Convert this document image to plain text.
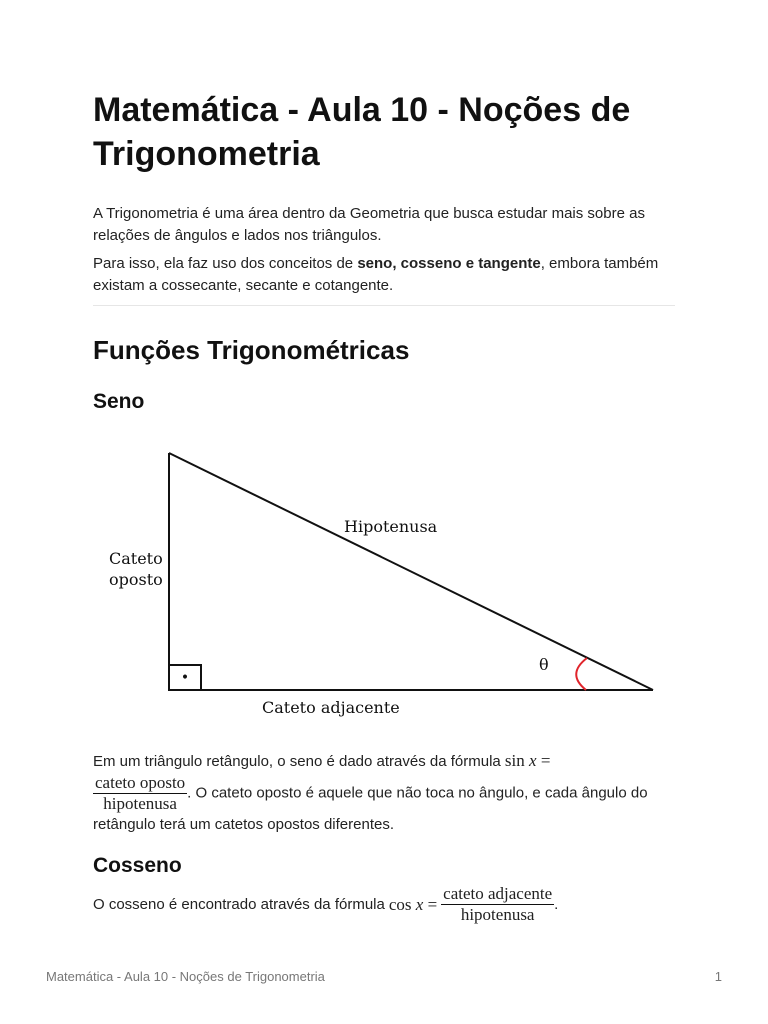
Matemática - Aula 10 - Noções de Trigonometria

A Trigonometria é uma área dentro da Geometria que busca estudar mais sobre as relações de ângulos e lados nos triângulos.

Para isso, ela faz uso dos conceitos de seno, cosseno e tangente, embora também existam a cossecante, secante e cotangente.

Funções Trigonométricas
Seno
•
θ
Hipotenusa
Cateto
oposto
Cateto adjacente
Em um triângulo retângulo, o seno é dado através da fórmula sin x =
$\frac{\text{cateto oposto}}{\text{hipotenusa}}$ . O cateto oposto é aquele que não toca no ângulo, e cada ângulo do retângulo terá um catetos opostos diferentes.
Cosseno
O cosseno é encontrado através da fórmula $\cos x = \frac{\text{cateto adjacente}}{\text{hipotenusa}}$ .
Matemática - Aula 10 - Noções de Trigonometria	1
